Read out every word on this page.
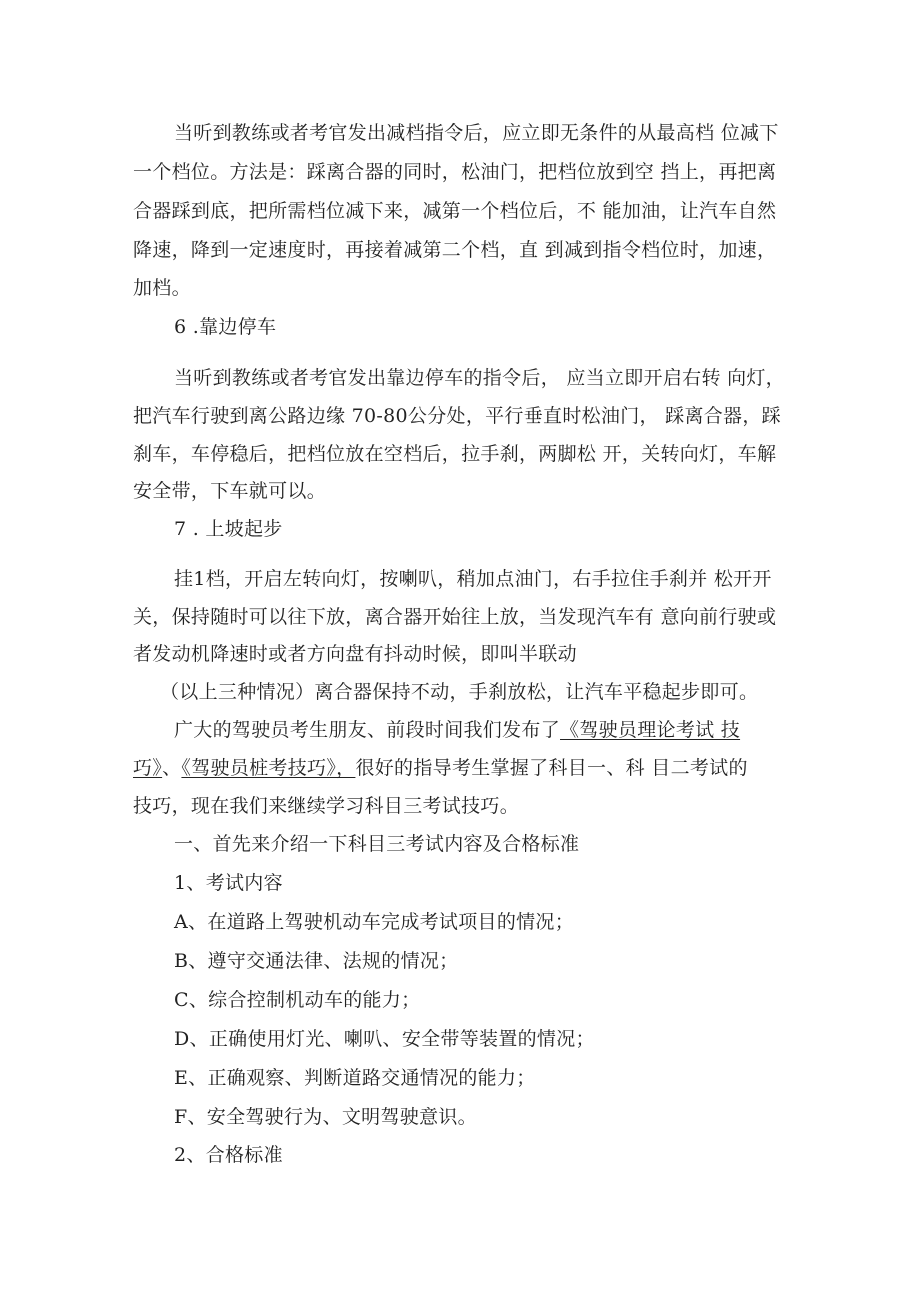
当听到教练或者考官发出减档指令后，应立即无条件的从最高档 位减下
一个档位。方法是：踩离合器的同时，松油门，把档位放到空 挡上，再把离
合器踩到底，把所需档位减下来，减第一个档位后，不 能加油，让汽车自然
降速，降到一定速度时，再接着减第二个档，直 到减到指令档位时，加速，
加档。
6 .靠边停车
当听到教练或者考官发出靠边停车的指令后， 应当立即开启右转 向灯，
把汽车行驶到离公路边缘 70-80公分处，平行垂直时松油门， 踩离合器，踩
刹车，车停稳后，把档位放在空档后，拉手刹，两脚松 开，关转向灯，车解
安全带，下车就可以。
7 . 上坡起步
挂1档，开启左转向灯，按喇叭，稍加点油门，右手拉住手刹并 松开开
关，保持随时可以往下放，离合器开始往上放，当发现汽车有 意向前行驶或
者发动机降速时或者方向盘有抖动时候，即叫半联动
（以上三种情况）离合器保持不动，手刹放松，让汽车平稳起步即可。
广大的驾驶员考生朋友、前段时间我们发布了《驾驶员理论考试 技
巧》、《驾驶员桩考技巧》，很好的指导考生掌握了科目一、科 目二考试的
技巧，现在我们来继续学习科目三考试技巧。
一、首先来介绍一下科目三考试内容及合格标准
1、考试内容
A、在道路上驾驶机动车完成考试项目的情况；
B、遵守交通法律、法规的情况；
C、综合控制机动车的能力；
D、正确使用灯光、喇叭、安全带等装置的情况；
E、正确观察、判断道路交通情况的能力；
F、安全驾驶行为、文明驾驶意识。
2、合格标准
